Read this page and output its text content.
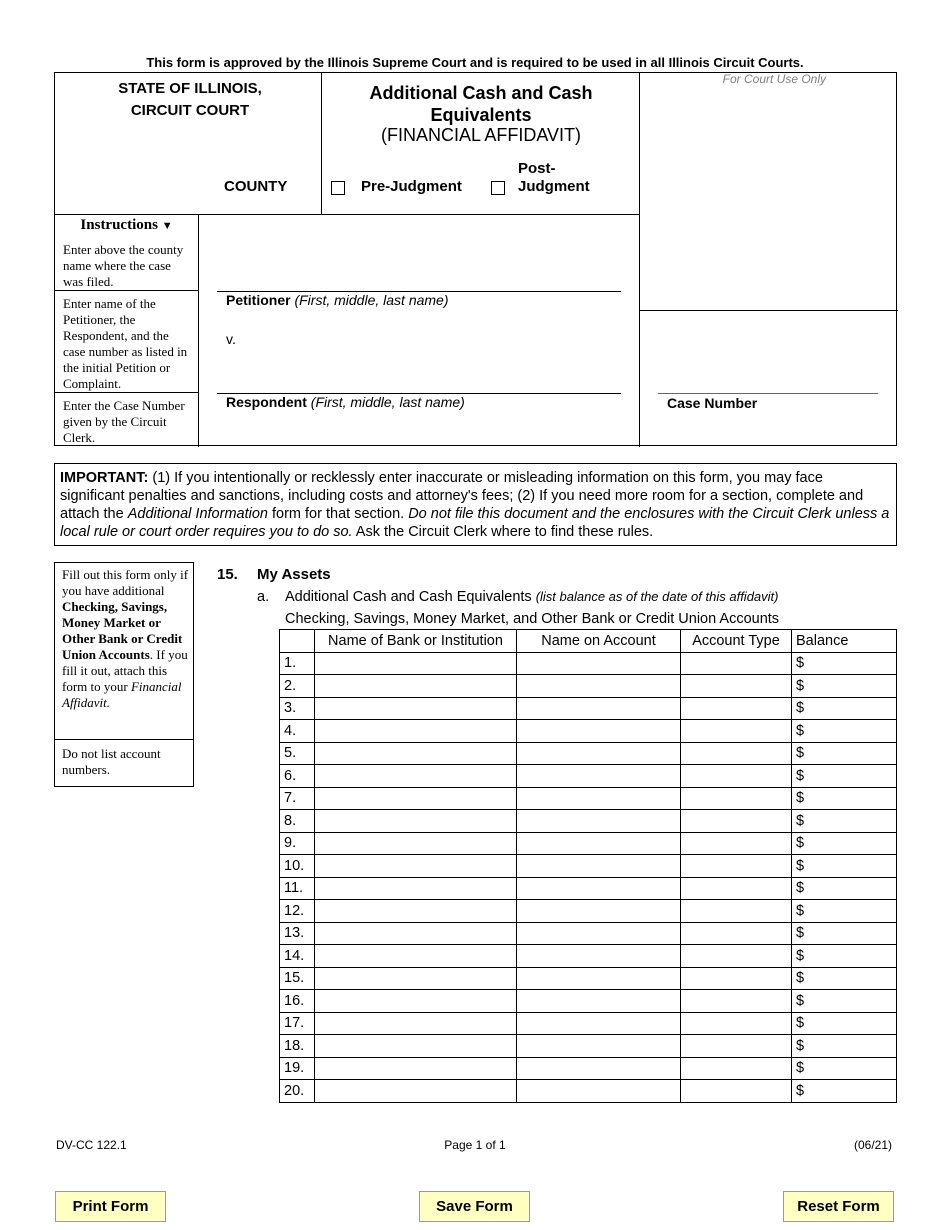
This form is approved by the Illinois Supreme Court and is required to be used in all Illinois Circuit Courts.
STATE OF ILLINOIS,
CIRCUIT COURT
COUNTY
Additional Cash and Cash
Equivalents
(FINANCIAL AFFIDAVIT)
Pre-Judgment
Post-
Judgment
For Court Use Only
Instructions ▼
Enter above the county name where the case was filed.
Enter name of the Petitioner, the Respondent, and the case number as listed in the initial Petition or Complaint.
Enter the Case Number given by the Circuit Clerk.
Petitioner (First, middle, last name)
v.
Respondent (First, middle, last name)	Case Number
IMPORTANT: (1) If you intentionally or recklessly enter inaccurate or misleading information on this form, you may face significant penalties and sanctions, including costs and attorney's fees; (2) If you need more room for a section, complete and attach the Additional Information form for that section. Do not file this document and the enclosures with the Circuit Clerk unless a local rule or court order requires you to do so. Ask the Circuit Clerk where to find these rules.
Fill out this form only if you have additional Checking, Savings, Money Market or Other Bank or Credit Union Accounts. If you fill it out, attach this form to your Financial Affidavit.
Do not list account numbers.
15. My Assets
a. Additional Cash and Cash Equivalents (list balance as of the date of this affidavit)
Checking, Savings, Money Market, and Other Bank or Credit Union Accounts
	Name of Bank or Institution	Name on Account	Account Type	Balance
1.				$
2.				$
3.				$
4.				$
5.				$
6.				$
7.				$
8.				$
9.				$
10.				$
11.				$
12.				$
13.				$
14.				$
15.				$
16.				$
17.				$
18.				$
19.				$
20.				$
DV-CC 122.1	Page 1 of 1	(06/21)
Print Form	Save Form	Reset Form
